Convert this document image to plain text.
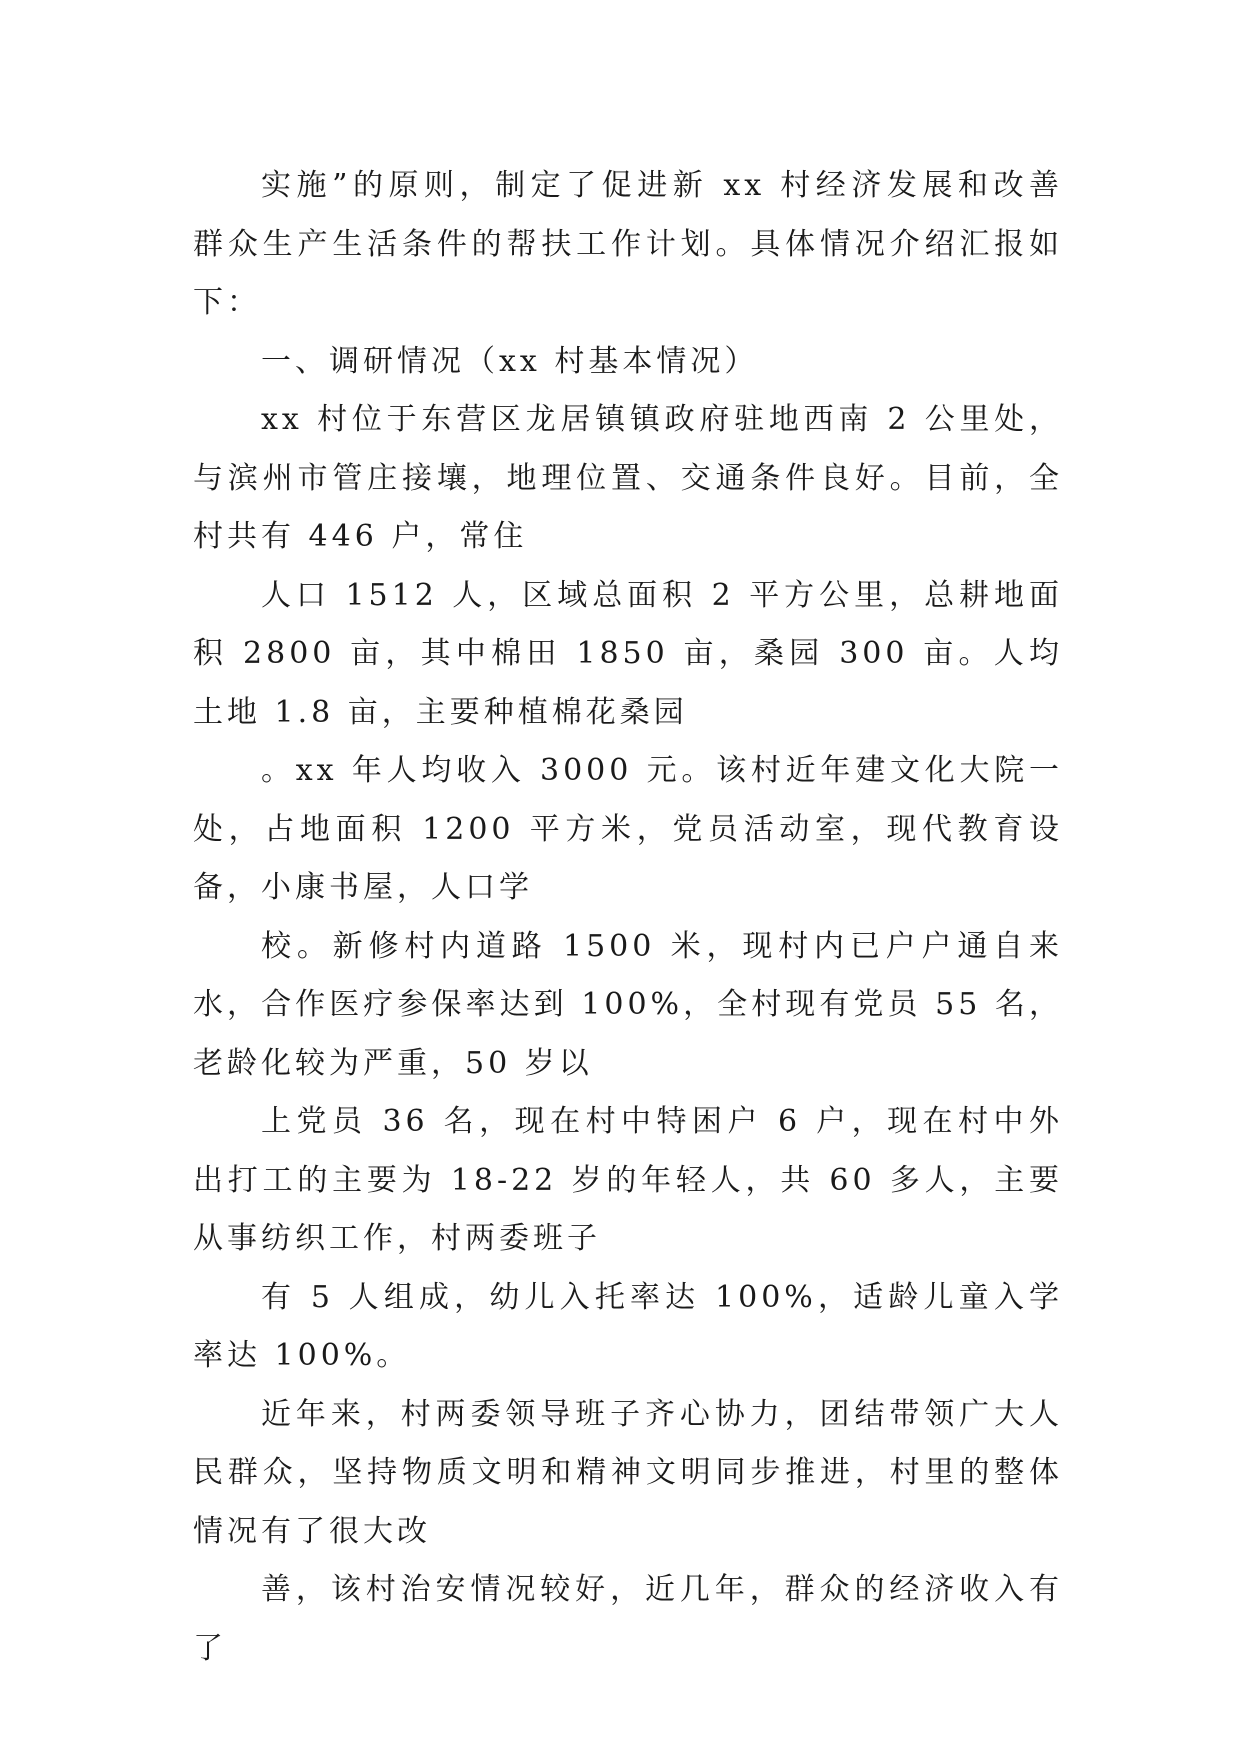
实施”的原则，制定了促进新 xx 村经济发展和改善群众生产生活条件的帮扶工作计划。具体情况介绍汇报如下：

一、调研情况（xx 村基本情况）

xx 村位于东营区龙居镇镇政府驻地西南 2 公里处，与滨州市管庄接壤，地理位置、交通条件良好。目前，全村共有 446 户，常住

人口 1512 人，区域总面积 2 平方公里，总耕地面积 2800 亩，其中棉田 1850 亩，桑园 300 亩。人均土地 1.8 亩，主要种植棉花桑园

。xx 年人均收入 3000 元。该村近年建文化大院一处，占地面积 1200 平方米，党员活动室，现代教育设备，小康书屋，人口学

校。新修村内道路 1500 米，现村内已户户通自来水，合作医疗参保率达到 100%，全村现有党员 55 名，老龄化较为严重，50 岁以

上党员 36 名，现在村中特困户 6 户，现在村中外出打工的主要为 18-22 岁的年轻人，共 60 多人，主要从事纺织工作，村两委班子

有 5 人组成，幼儿入托率达 100%，适龄儿童入学率达 100%。

近年来，村两委领导班子齐心协力，团结带领广大人民群众，坚持物质文明和精神文明同步推进，村里的整体情况有了很大改

善，该村治安情况较好，近几年，群众的经济收入有了
